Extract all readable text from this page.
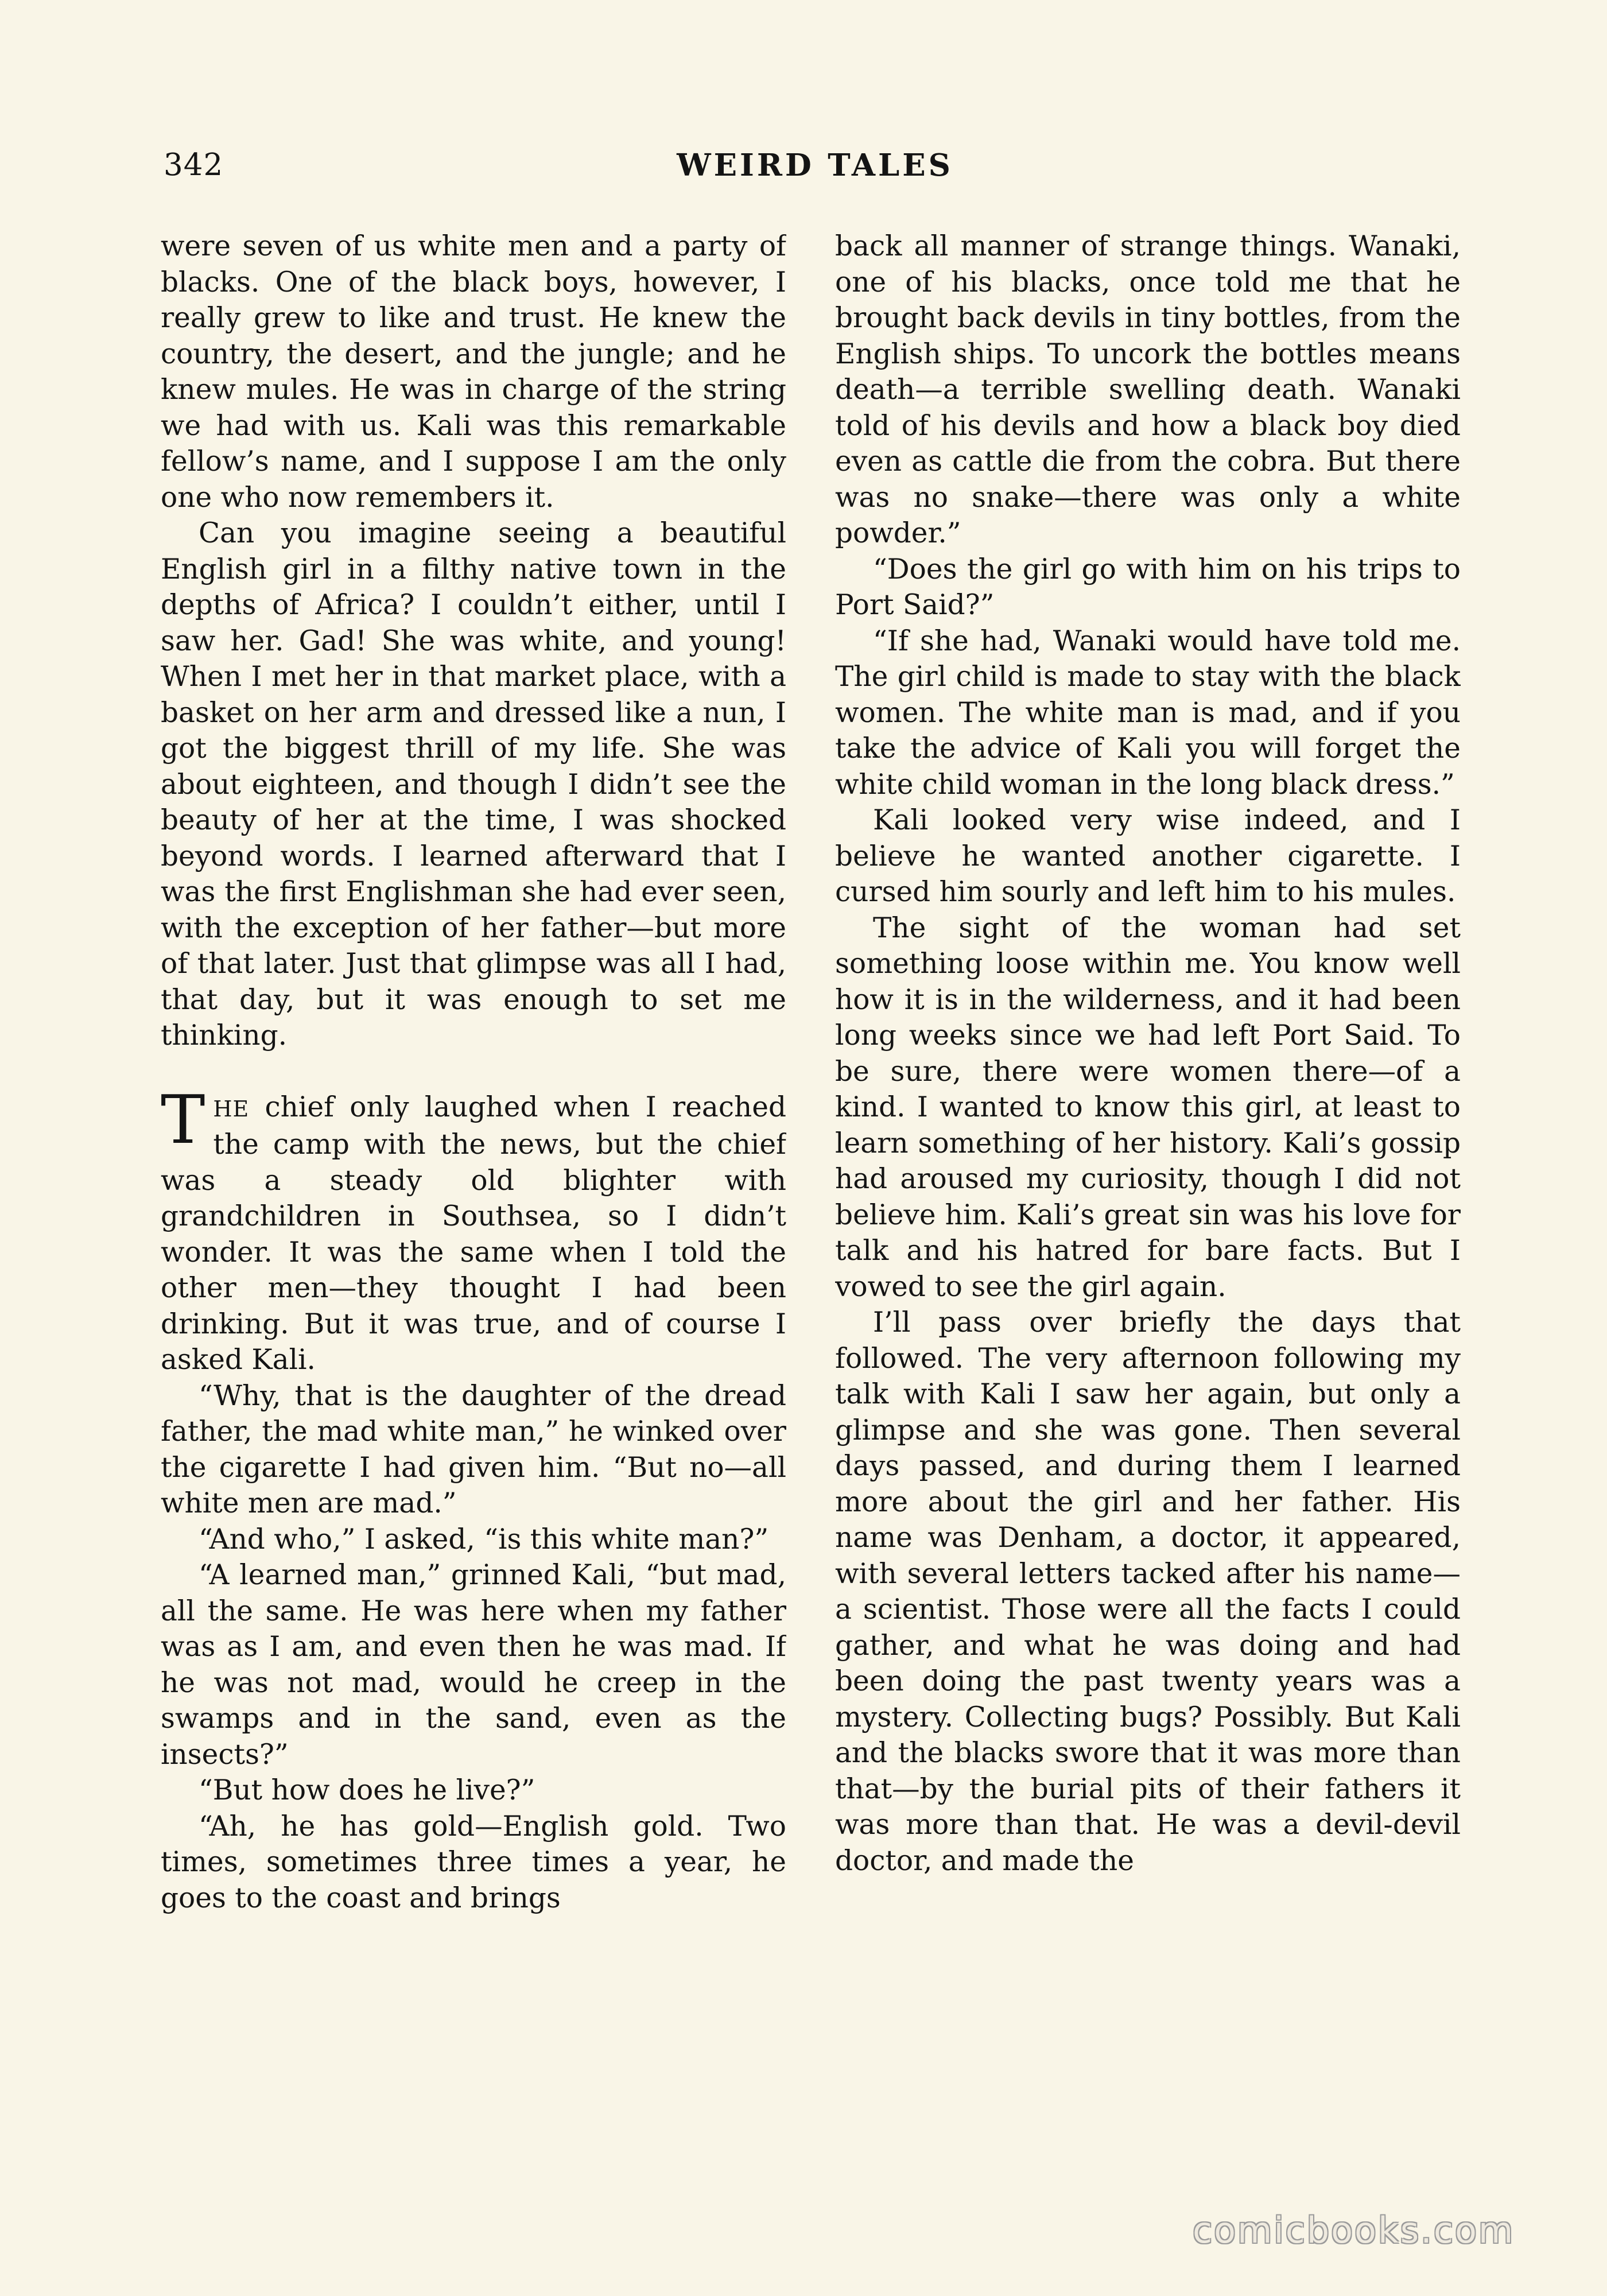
342	WEIRD TALES

were seven of us white men and a party of blacks. One of the black boys, however, I really grew to like and trust. He knew the country, the desert, and the jungle; and he knew mules. He was in charge of the string we had with us. Kali was this remarkable fellow’s name, and I suppose I am the only one who now remembers it.

Can you imagine seeing a beautiful English girl in a filthy native town in the depths of Africa? I couldn’t either, until I saw her. Gad! She was white, and young! When I met her in that market place, with a basket on her arm and dressed like a nun, I got the biggest thrill of my life. She was about eighteen, and though I didn’t see the beauty of her at the time, I was shocked beyond words. I learned afterward that I was the first Englishman she had ever seen, with the exception of her father—but more of that later. Just that glimpse was all I had, that day, but it was enough to set me thinking.

THE chief only laughed when I reached the camp with the news, but the chief was a steady old blighter with grandchildren in Southsea, so I didn’t wonder. It was the same when I told the other men—they thought I had been drinking. But it was true, and of course I asked Kali.

“Why, that is the daughter of the dread father, the mad white man,” he winked over the cigarette I had given him. “But no—all white men are mad.”

“And who,” I asked, “is this white man?”

“A learned man,” grinned Kali, “but mad, all the same. He was here when my father was as I am, and even then he was mad. If he was not mad, would he creep in the swamps and in the sand, even as the insects?”

“But how does he live?”

“Ah, he has gold—English gold. Two times, sometimes three times a year, he goes to the coast and brings

back all manner of strange things. Wanaki, one of his blacks, once told me that he brought back devils in tiny bottles, from the English ships. To uncork the bottles means death—a terrible swelling death. Wanaki told of his devils and how a black boy died even as cattle die from the cobra. But there was no snake—there was only a white powder.”

“Does the girl go with him on his trips to Port Said?”

“If she had, Wanaki would have told me. The girl child is made to stay with the black women. The white man is mad, and if you take the advice of Kali you will forget the white child woman in the long black dress.”

Kali looked very wise indeed, and I believe he wanted another cigarette. I cursed him sourly and left him to his mules.

The sight of the woman had set something loose within me. You know well how it is in the wilderness, and it had been long weeks since we had left Port Said. To be sure, there were women there—of a kind. I wanted to know this girl, at least to learn something of her history. Kali’s gossip had aroused my curiosity, though I did not believe him. Kali’s great sin was his love for talk and his hatred for bare facts. But I vowed to see the girl again.

I’ll pass over briefly the days that followed. The very afternoon following my talk with Kali I saw her again, but only a glimpse and she was gone. Then several days passed, and during them I learned more about the girl and her father. His name was Denham, a doctor, it appeared, with several letters tacked after his name—a scientist. Those were all the facts I could gather, and what he was doing and had been doing the past twenty years was a mystery. Collecting bugs? Possibly. But Kali and the blacks swore that it was more than that—by the burial pits of their fathers it was more than that. He was a devil-devil doctor, and made the

comicbooks.com
